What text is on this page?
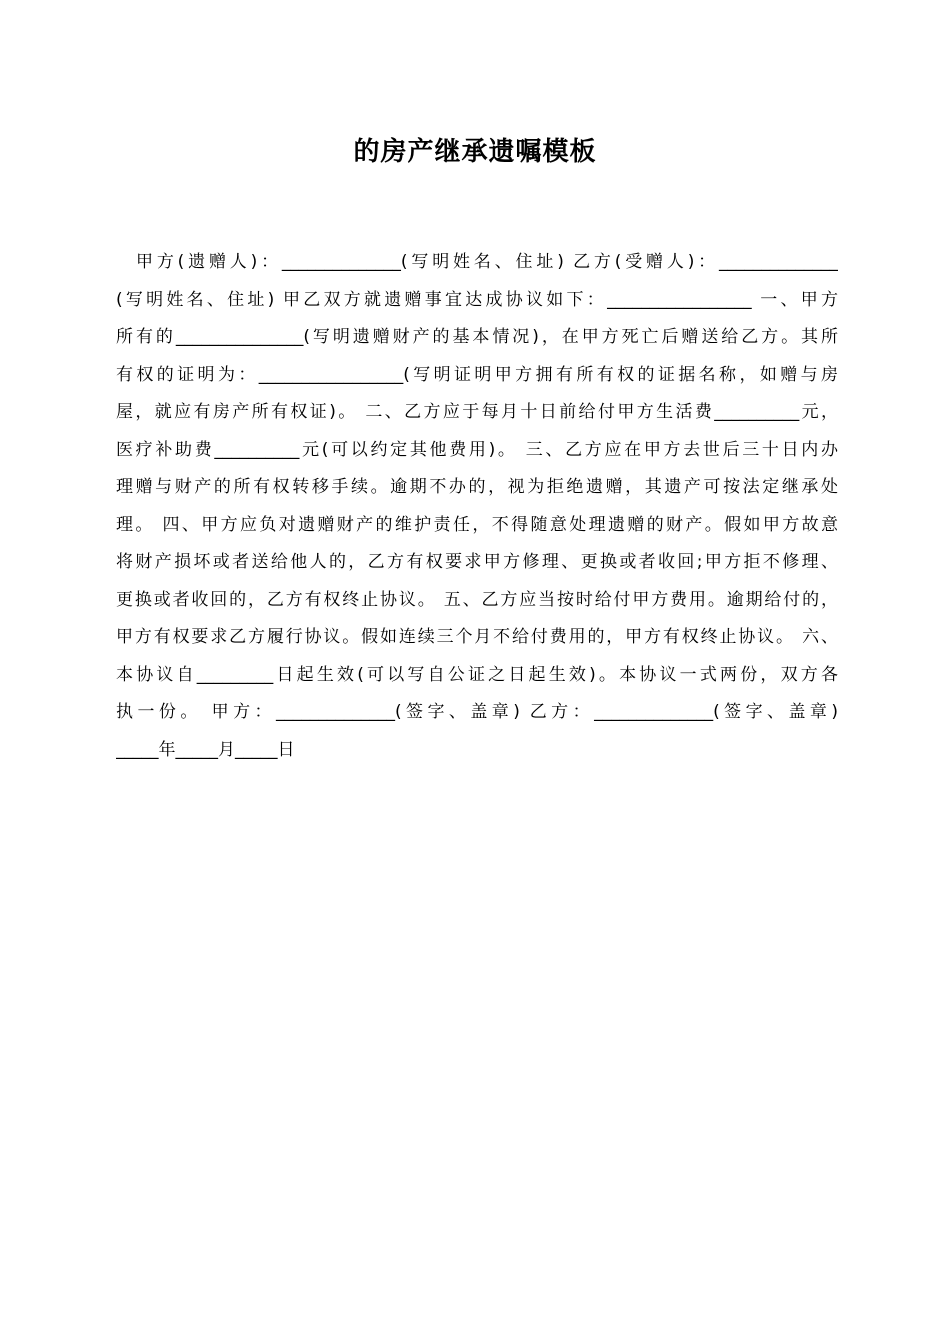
的房产继承遗嘱模板
甲方(遗赠人)：______________(写明姓名、住址) 乙方(受赠人)：______________
(写明姓名、住址) 甲乙双方就遗赠事宜达成协议如下：_________________ 一、甲方
所有的_______________(写明遗赠财产的基本情况)，在甲方死亡后赠送给乙方。其所
有权的证明为：_________________(写明证明甲方拥有所有权的证据名称，如赠与房
屋，就应有房产所有权证)。 二、乙方应于每月十日前给付甲方生活费__________元，
医疗补助费__________元(可以约定其他费用)。 三、乙方应在甲方去世后三十日内办
理赠与财产的所有权转移手续。逾期不办的，视为拒绝遗赠，其遗产可按法定继承处
理。 四、甲方应负对遗赠财产的维护责任，不得随意处理遗赠的财产。假如甲方故意
将财产损坏或者送给他人的，乙方有权要求甲方修理、更换或者收回;甲方拒不修理、
更换或者收回的，乙方有权终止协议。 五、乙方应当按时给付甲方费用。逾期给付的，
甲方有权要求乙方履行协议。假如连续三个月不给付费用的，甲方有权终止协议。 六、
本协议自_________日起生效(可以写自公证之日起生效)。本协议一式两份，双方各
执一份。 甲方：______________(签字、盖章) 乙方：______________(签字、盖章)
_____年_____月_____日
